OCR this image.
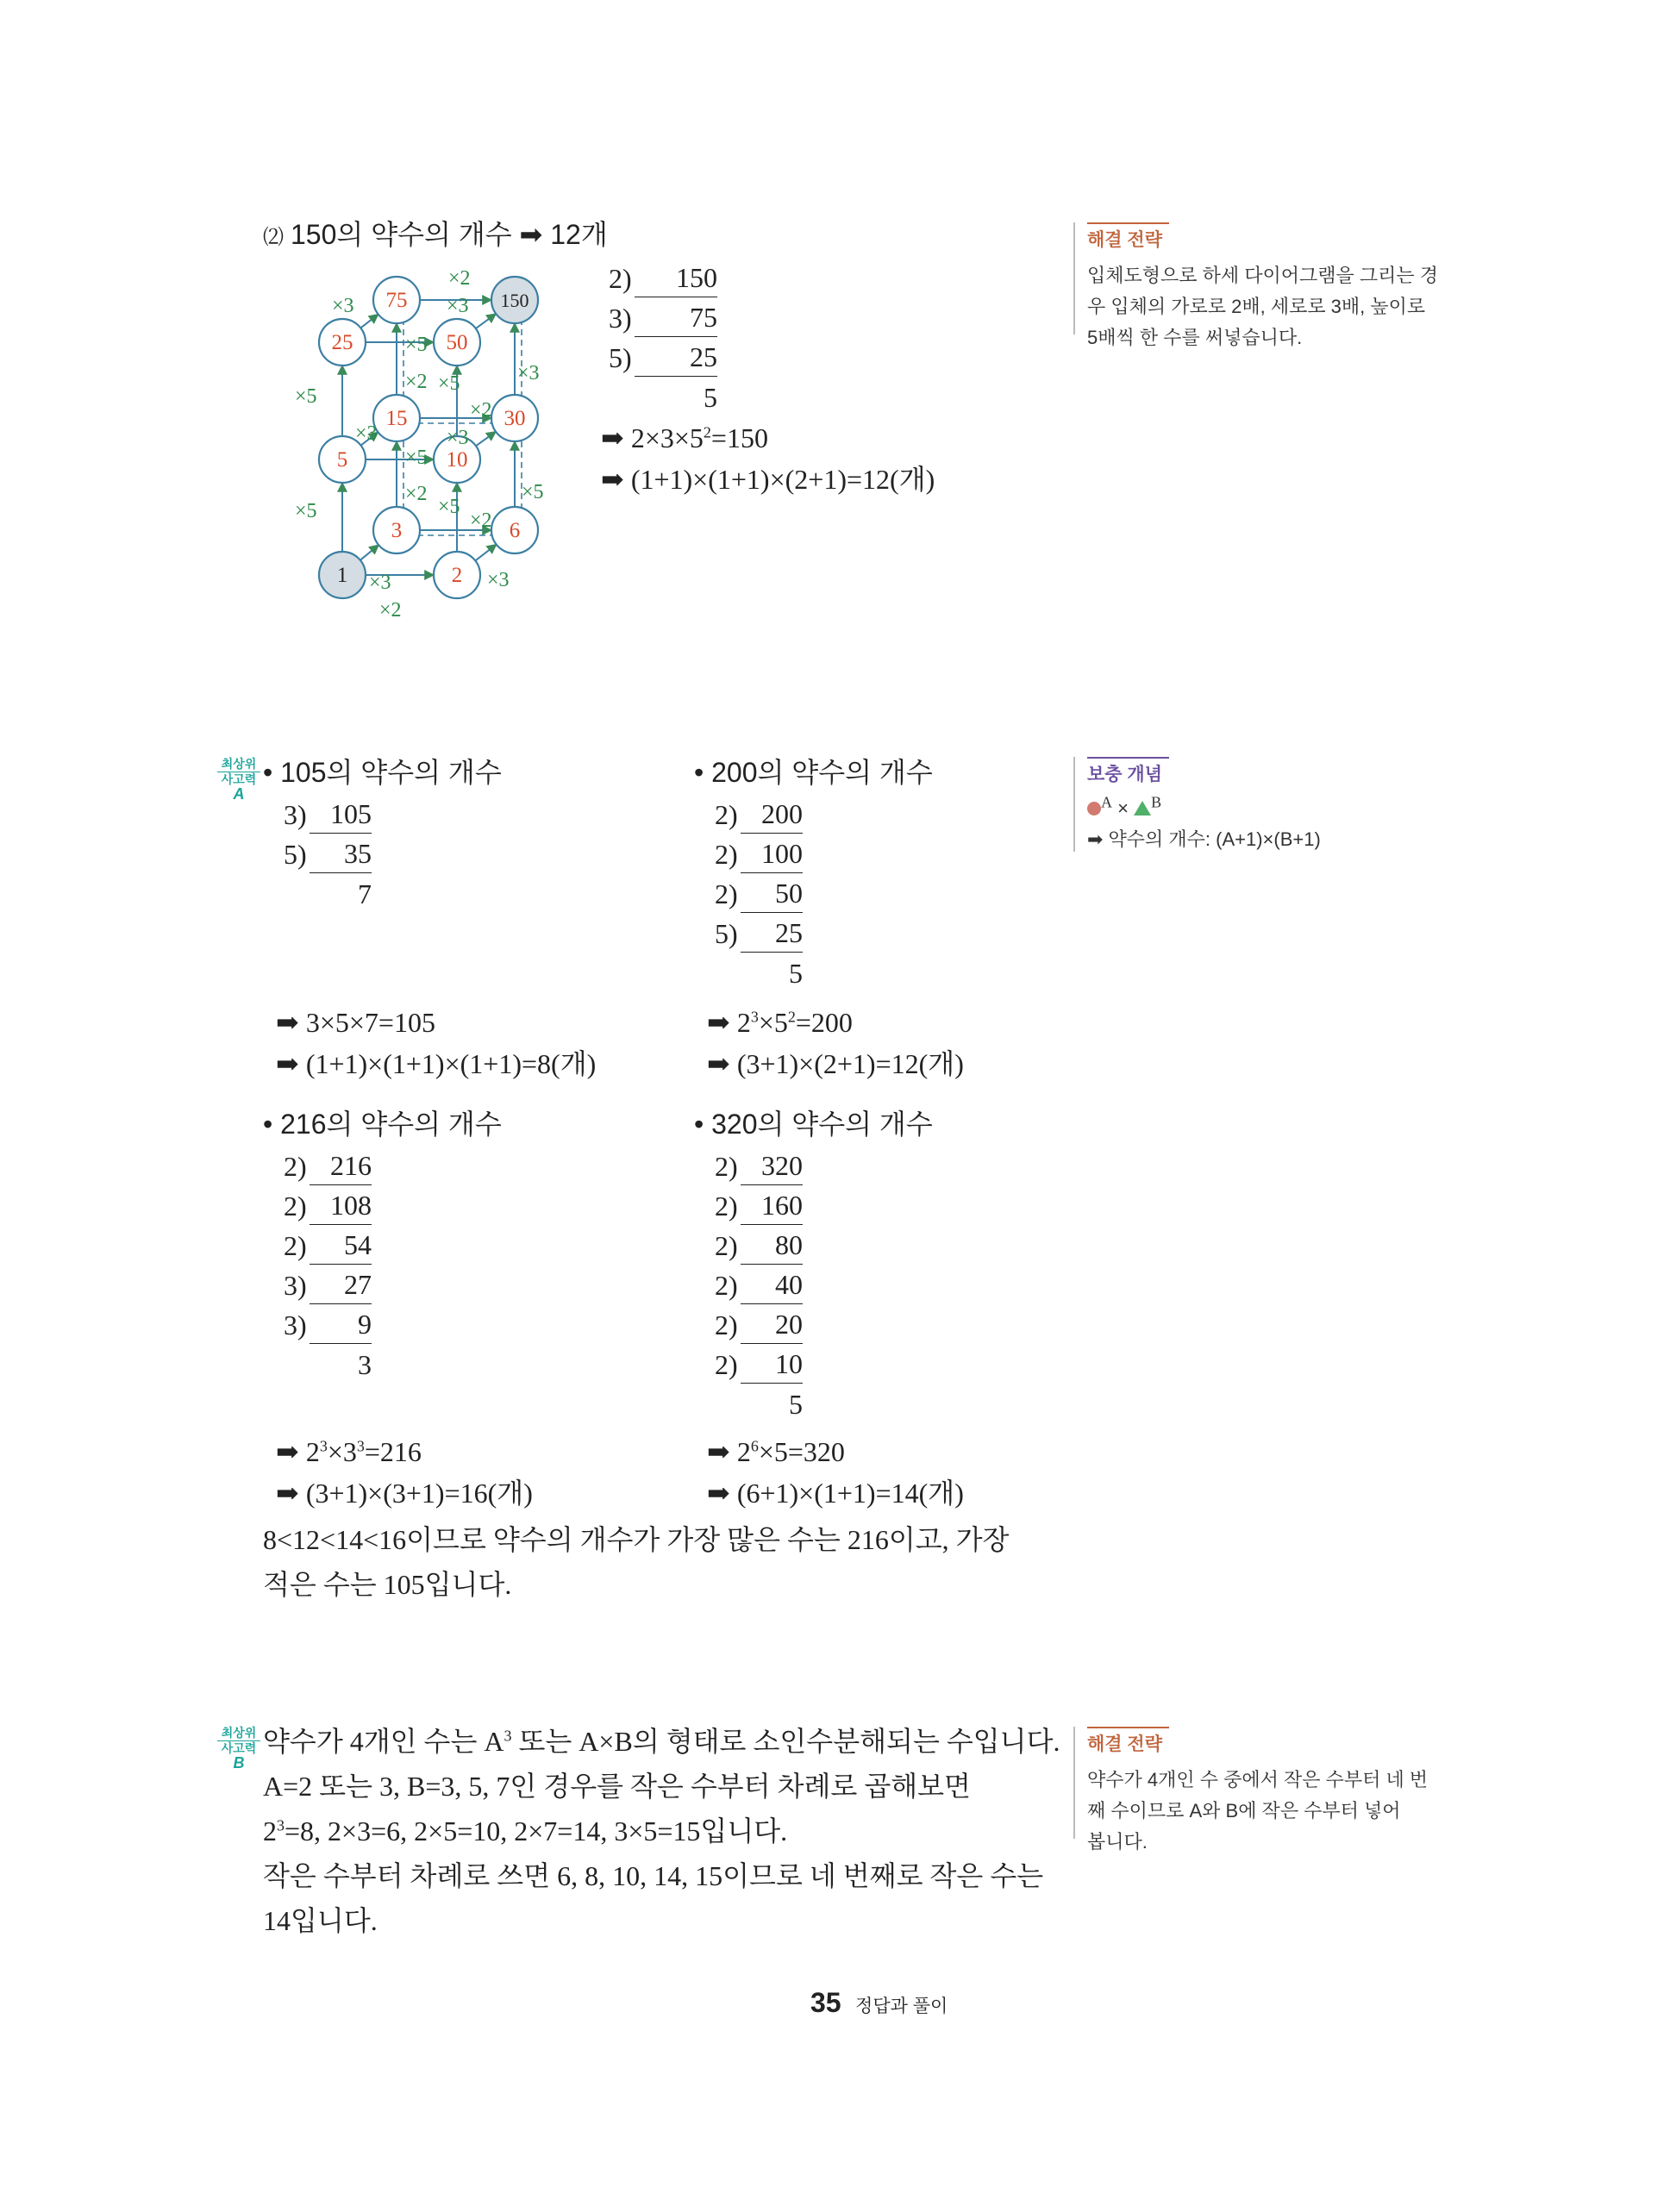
⑵ 150의 약수의 개수 ➡ 12개
75	150
25	50
15	30
5	10
3	6
1	2
×2
×3	×3
×5
×5
×2 ×5
×2
×3	×3
×5
×5
×2
×5
×5
×2
×3	×3
×2
×3
2 )	150
3 )	75
5 )	25
5
➡ $2\times 3\times 5^2=150$
➡ (1+1)×(1+1)×(2+1)=12(개)
해결 전략
입체도형으로 하세 다이어그램을 그리는 경
우 입체의 가로로 2배, 세로로 3배, 높이로
5배씩 한 수를 써넣습니다.
최상위
사고력
A
• 105의 약수의 개수
3 ) 105
5 )	35
7
➡ 3×5×7=105
➡ (1+1)×(1+1)×(1+1)=8(개)
• 200의 약수의 개수
2 ) 200
2 ) 100
2 )	50
5 )	25
5
➡ $2^3\times 5^2=200$
➡ (3+1)×(2+1)=12(개)
• 216의 약수의 개수
2 ) 216
2 ) 108
2 )	54
3 )	27
3 )	9
3
➡ $2^3\times 3^3=216$
➡ (3+1)×(3+1)=16(개)
• 320의 약수의 개수
2 ) 320
2 ) 160
2 )	80
2 )	40
2 )	20
2 )	10
5
➡ $2^6\times 5=320$
➡ (6+1)×(1+1)=14(개)
8<12<14<16이므로 약수의 개수가 가장 많은 수는 216이고, 가장
적은 수는 105입니다.
보충 개념
$^A$ × $^B$
➡ 약수의 개수: (A+1)×(B+1)
최상위
사고력
B
약수가 4개인 수는 $A^3$ 또는 A×B의 형태로 소인수분해되는 수입니다.
A=2 또는 3, B=3, 5, 7인 경우를 작은 수부터 차례로 곱해보면
$2^3=8$, 2×3=6, 2×5=10, 2×7=14, 3×5=15입니다.
작은 수부터 차례로 쓰면 6, 8, 10, 14, 15이므로 네 번째로 작은 수는
14입니다.
해결 전략
약수가 4개인 수 중에서 작은 수부터 네 번
째 수이므로 A와 B에 작은 수부터 넣어
봅니다.
35 정답과 풀이
